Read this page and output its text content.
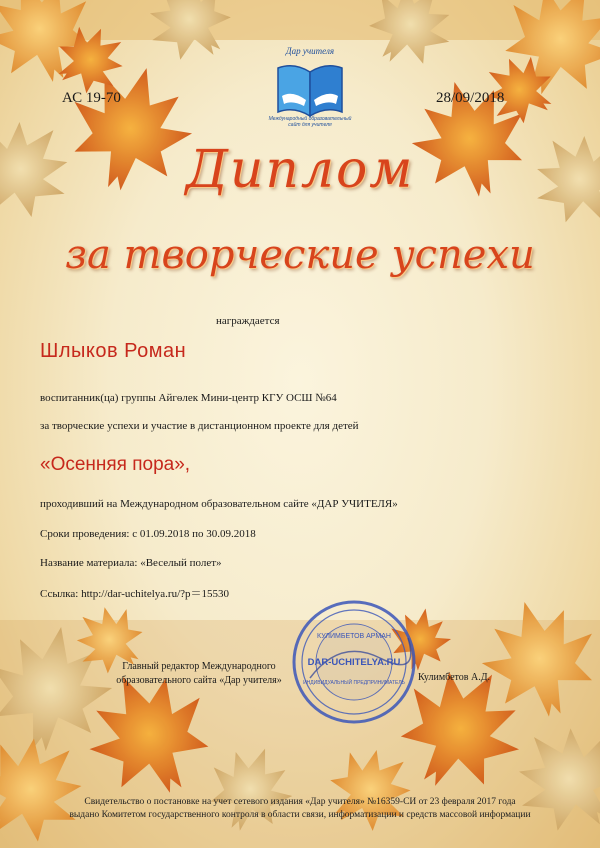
Дар учителя
Международный образовательный сайт для учителя
АС 19-70	28/09/2018
Диплом
за творческие успехи
награждается
Шлыков Роман
воспитанник(ца) группы Айгөлек Мини-центр КГУ ОСШ №64
за творческие успехи и участие в дистанционном проекте для детей
«Осенняя пора»,
проходивший на Международном образовательном сайте «ДАР УЧИТЕЛЯ»
Сроки проведения: с 01.09.2018 по 30.09.2018
Название материала: «Веселый полет»
Ссылка: http://dar-uchitelya.ru/?p＝15530
Главный редактор Международного
образовательного сайта «Дар учителя»
КУЛИМБЕТОВ АРМАН
DAR-UCHITELYA.RU
ИНДИВИДУАЛЬНЫЙ ПРЕДПРИНИМАТЕЛЬ Кулимбетов А.Д.
Свидетельство о постановке на учет сетевого издания «Дар учителя» №16359-СИ от 23 февраля 2017 года
выдано Комитетом государственного контроля в области связи, информатизации и средств массовой информации
